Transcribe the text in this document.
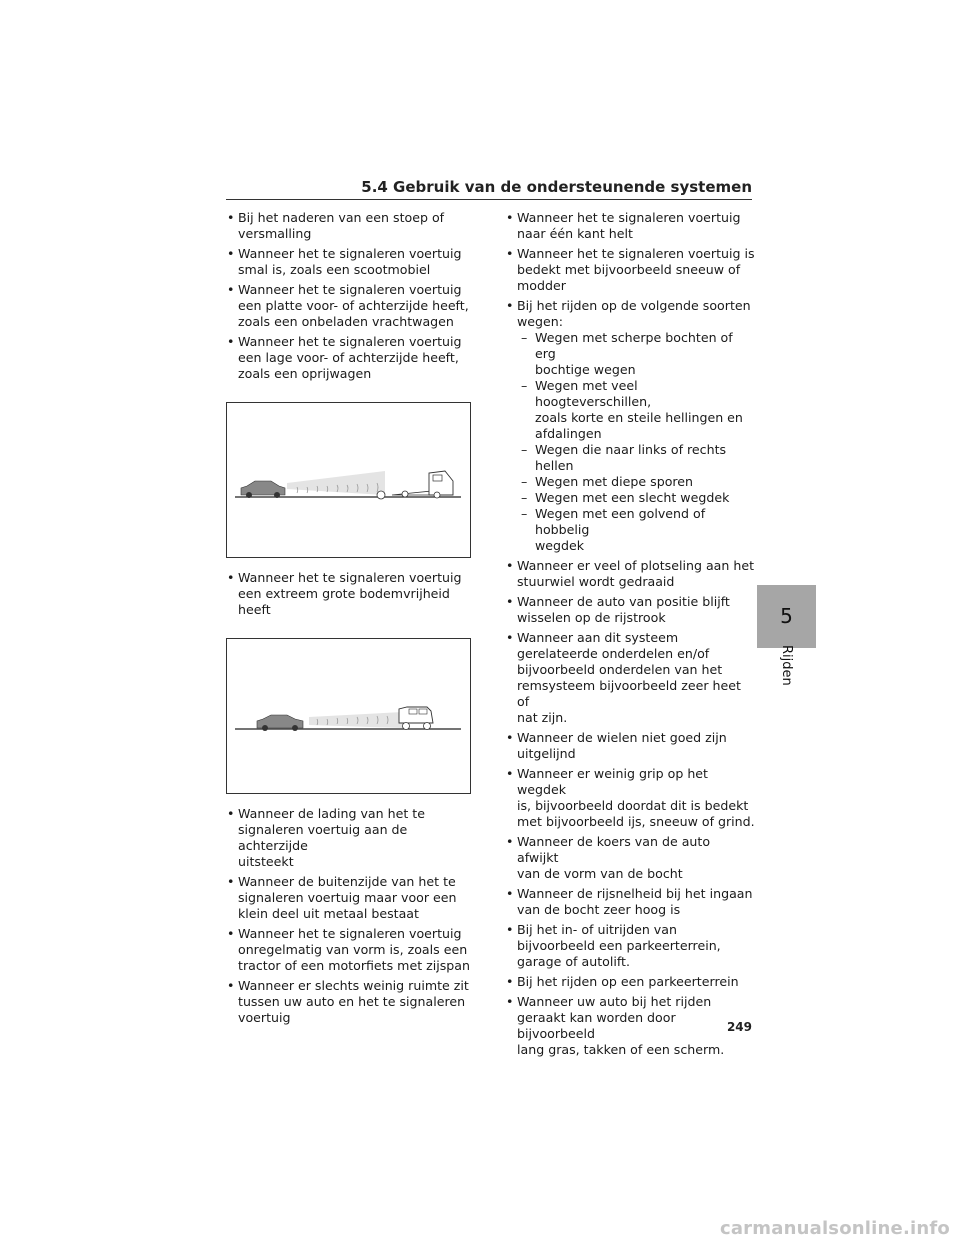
5.4 Gebruik van de ondersteunende systemen
• Bij het naderen van een stoep of
versmalling
• Wanneer het te signaleren voertuig
smal is, zoals een scootmobiel
• Wanneer het te signaleren voertuig
een platte voor- of achterzijde heeft,
zoals een onbeladen vrachtwagen
• Wanneer het te signaleren voertuig
een lage voor- of achterzijde heeft,
zoals een oprijwagen
• Wanneer het te signaleren voertuig
een extreem grote bodemvrijheid
heeft
• Wanneer de lading van het te
signaleren voertuig aan de achterzijde
uitsteekt
• Wanneer de buitenzijde van het te
signaleren voertuig maar voor een
klein deel uit metaal bestaat
• Wanneer het te signaleren voertuig
onregelmatig van vorm is, zoals een
tractor of een motorfiets met zijspan
• Wanneer er slechts weinig ruimte zit
tussen uw auto en het te signaleren
voertuig
• Wanneer het te signaleren voertuig
naar één kant helt
• Wanneer het te signaleren voertuig is
bedekt met bijvoorbeeld sneeuw of
modder
• Bij het rijden op de volgende soorten
wegen:
– Wegen met scherpe bochten of erg
bochtige wegen
– Wegen met veel hoogteverschillen,
zoals korte en steile hellingen en
afdalingen
– Wegen die naar links of rechts
hellen
– Wegen met diepe sporen
– Wegen met een slecht wegdek
– Wegen met een golvend of hobbelig
wegdek
• Wanneer er veel of plotseling aan het
stuurwiel wordt gedraaid
• Wanneer de auto van positie blijft
wisselen op de rijstrook
• Wanneer aan dit systeem
gerelateerde onderdelen en/of
bijvoorbeeld onderdelen van het
remsysteem bijvoorbeeld zeer heet of
nat zijn.
• Wanneer de wielen niet goed zijn
uitgelijnd
• Wanneer er weinig grip op het wegdek
is, bijvoorbeeld doordat dit is bedekt
met bijvoorbeeld ijs, sneeuw of grind.
• Wanneer de koers van de auto afwijkt
van de vorm van de bocht
• Wanneer de rijsnelheid bij het ingaan
van de bocht zeer hoog is
• Bij het in- of uitrijden van
bijvoorbeeld een parkeerterrein,
garage of autolift.
• Bij het rijden op een parkeerterrein
• Wanneer uw auto bij het rijden
geraakt kan worden door bijvoorbeeld
lang gras, takken of een scherm.
5
Rijden
249
carmanualsonline.info
